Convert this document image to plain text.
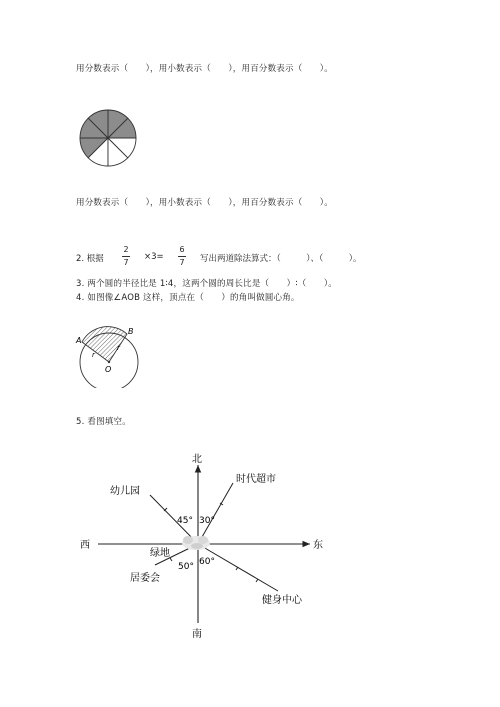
用分数表示（　　），用小数表示（　　），用百分数表示（　　）。
用分数表示（　　），用小数表示（　　），用百分数表示（　　）。
2. 根据
2
7
×3=
6
7 写出两道除法算式：（　　　）、（　　　）。
3. 两个圆的半径比是 1∶4，这两个圆的周长比是（　　）∶（　　）。
4. 如图像∠AOB 这样，顶点在（　　）的角叫做圆心角。
A
B
O
r
r
5. 看图填空。
北
南
西	东
幼儿园
时代超市
居委会
健身中心
绿地
45° 30°
50° 60°
